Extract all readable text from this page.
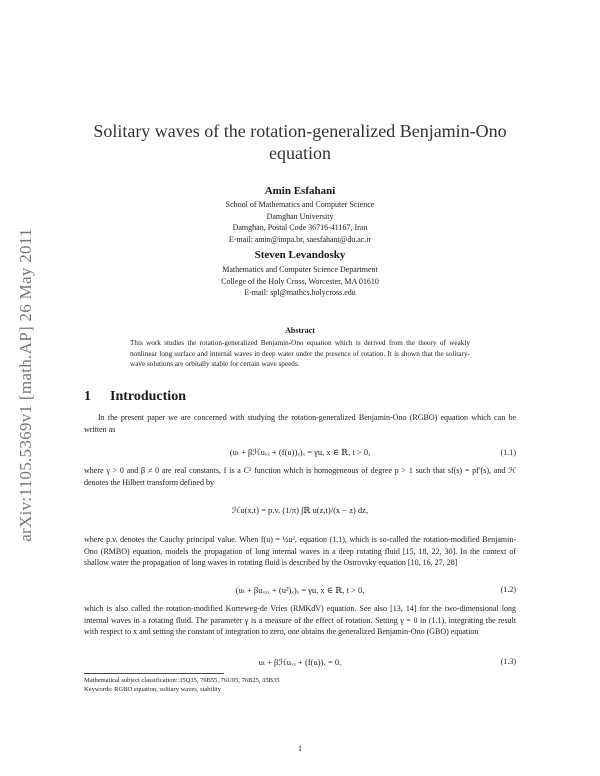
arXiv:1105.5369v1 [math.AP] 26 May 2011
Solitary waves of the rotation-generalized Benjamin-Ono equation
Amin Esfahani
School of Mathematics and Computer Science
Damghan University
Damghan, Postal Code 36716-41167, Iran
E-mail: amin@impa.br, saesfahani@du.ac.ir
Steven Levandosky
Mathematics and Computer Science Department
College of the Holy Cross, Worcester, MA 01610
E-mail: spl@mathcs.holycross.edu
Abstract
This work studies the rotation-generalized Benjamin-Ono equation which is derived from the theory of weakly nonlinear long surface and internal waves in deep water under the presence of rotation. It is shown that the solitary-wave solutions are orbitally stable for certain wave speeds.
1 Introduction
In the present paper we are concerned with studying the rotation-generalized Benjamin-Ono (RGBO) equation which can be written as
(uₜ + βℋuₓₓ + (f(u))ₓ)ₓ = γu, x ∈ ℝ, t > 0,	(1.1)
where γ > 0 and β ≠ 0 are real constants, f is a C² function which is homogeneous of degree p > 1 such that sf(s) = pf′(s), and ℋ denotes the Hilbert transform defined by
ℋu(x,t) = p.v. (1/π) ∫ℝ u(z,t)/(x − z) dz,
where p.v. denotes the Cauchy principal value. When f(u) = ½u², equation (1.1), which is so-called the rotation-modified Benjamin-Ono (RMBO) equation, models the propagation of long internal waves in a deep rotating fluid [15, 18, 22, 30]. In the context of shallow water the propagation of long waves in rotating fluid is described by the Ostrovsky equation [10, 16, 27, 28]
(uₜ + βuₓₓₓ + (u²)ₓ)ₓ = γu, x ∈ ℝ, t > 0,	(1.2)
which is also called the rotation-modified Korteweg-de Vries (RMKdV) equation. See also [13, 14] for the two-dimensional long internal waves in a rotating fluid. The parameter γ is a measure of the effect of rotation. Setting γ = 0 in (1.1), integrating the result with respect to x and setting the constant of integration to zero, one obtains the generalized Benjamin-Ono (GBO) equation
uₜ + βℋuₓₓ + (f(u))ₓ = 0.	(1.3)
Mathematical subject classification: 35Q35, 76B55, 76U05, 76B25, 35B35
Keywords: RGBO equation, solitary waves, stability
1
